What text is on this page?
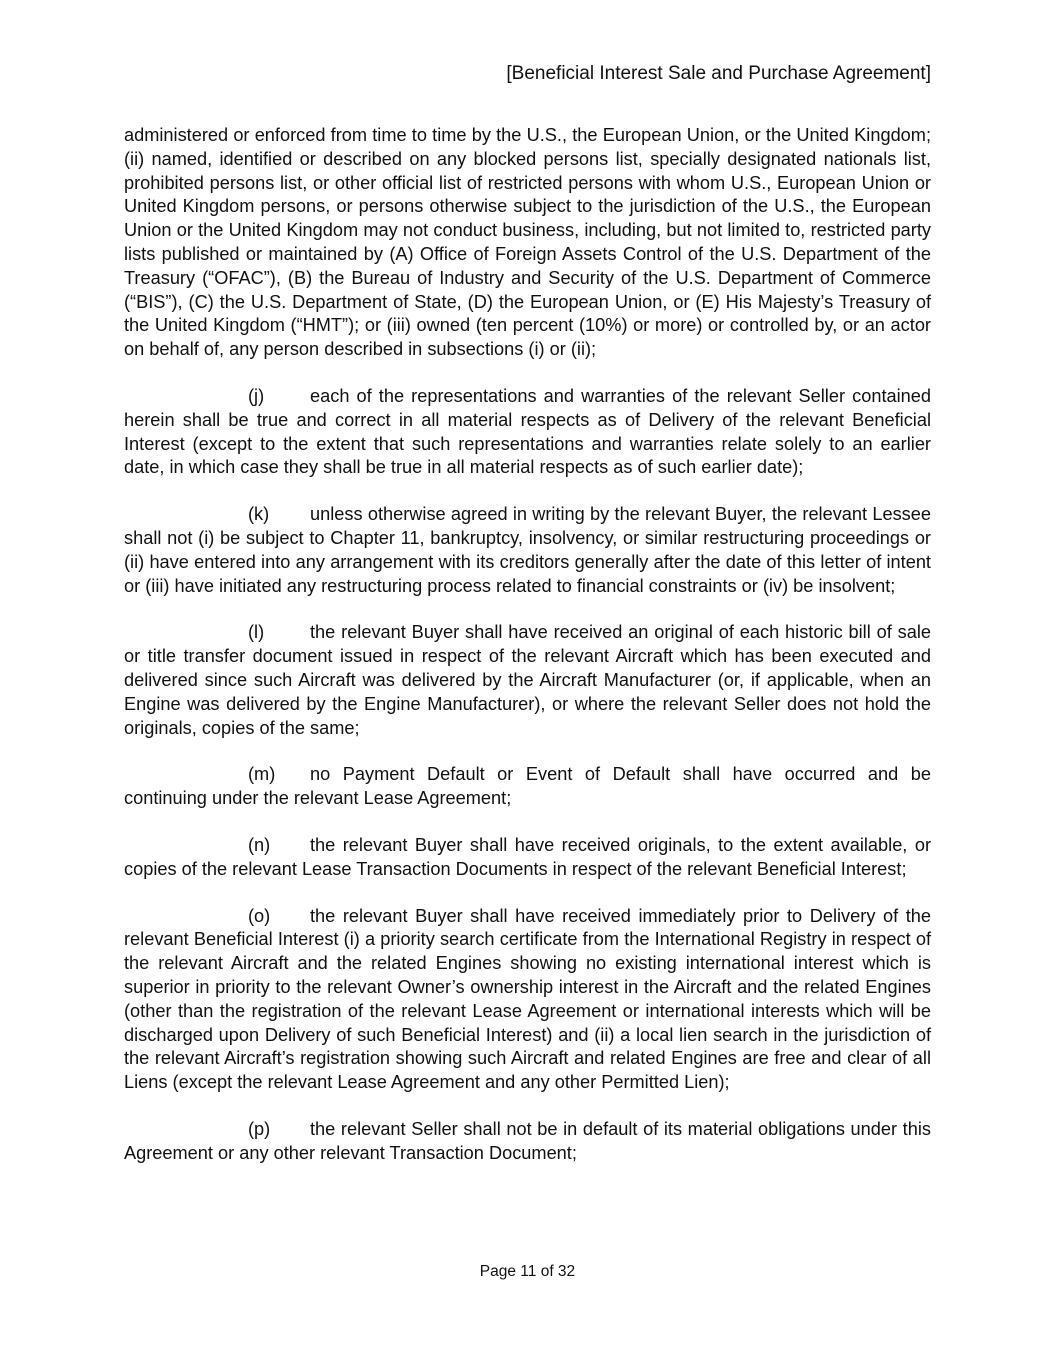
[Beneficial Interest Sale and Purchase Agreement]

administered or enforced from time to time by the U.S., the European Union, or the United Kingdom; (ii) named, identified or described on any blocked persons list, specially designated nationals list, prohibited persons list, or other official list of restricted persons with whom U.S., European Union or United Kingdom persons, or persons otherwise subject to the jurisdiction of the U.S., the European Union or the United Kingdom may not conduct business, including, but not limited to, restricted party lists published or maintained by (A) Office of Foreign Assets Control of the U.S. Department of the Treasury (“OFAC”), (B) the Bureau of Industry and Security of the U.S. Department of Commerce (“BIS”), (C) the U.S. Department of State, (D) the European Union, or (E) His Majesty’s Treasury of the United Kingdom (“HMT”); or (iii) owned (ten percent (10%) or more) or controlled by, or an actor on behalf of, any person described in subsections (i) or (ii);

(j)	each of the representations and warranties of the relevant Seller contained herein shall be true and correct in all material respects as of Delivery of the relevant Beneficial Interest (except to the extent that such representations and warranties relate solely to an earlier date, in which case they shall be true in all material respects as of such earlier date);

(k) unless otherwise agreed in writing by the relevant Buyer, the relevant Lessee shall not (i) be subject to Chapter 11, bankruptcy, insolvency, or similar restructuring proceedings or (ii) have entered into any arrangement with its creditors generally after the date of this letter of intent or (iii) have initiated any restructuring process related to financial constraints or (iv) be insolvent;

(l)	the relevant Buyer shall have received an original of each historic bill of sale or title transfer document issued in respect of the relevant Aircraft which has been executed and delivered since such Aircraft was delivered by the Aircraft Manufacturer (or, if applicable, when an Engine was delivered by the Engine Manufacturer), or where the relevant Seller does not hold the originals, copies of the same;

(m) no Payment Default or Event of Default shall have occurred and be continuing under the relevant Lease Agreement;

(n) the relevant Buyer shall have received originals, to the extent available, or copies of the relevant Lease Transaction Documents in respect of the relevant Beneficial Interest;

(o) the relevant Buyer shall have received immediately prior to Delivery of the relevant Beneficial Interest (i) a priority search certificate from the International Registry in respect of the relevant Aircraft and the related Engines showing no existing international interest which is superior in priority to the relevant Owner’s ownership interest in the Aircraft and the related Engines (other than the registration of the relevant Lease Agreement or international interests which will be discharged upon Delivery of such Beneficial Interest) and (ii) a local lien search in the jurisdiction of the relevant Aircraft’s registration showing such Aircraft and related Engines are free and clear of all Liens (except the relevant Lease Agreement and any other Permitted Lien);

(p) the relevant Seller shall not be in default of its material obligations under this Agreement or any other relevant Transaction Document;

Page 11 of 32
